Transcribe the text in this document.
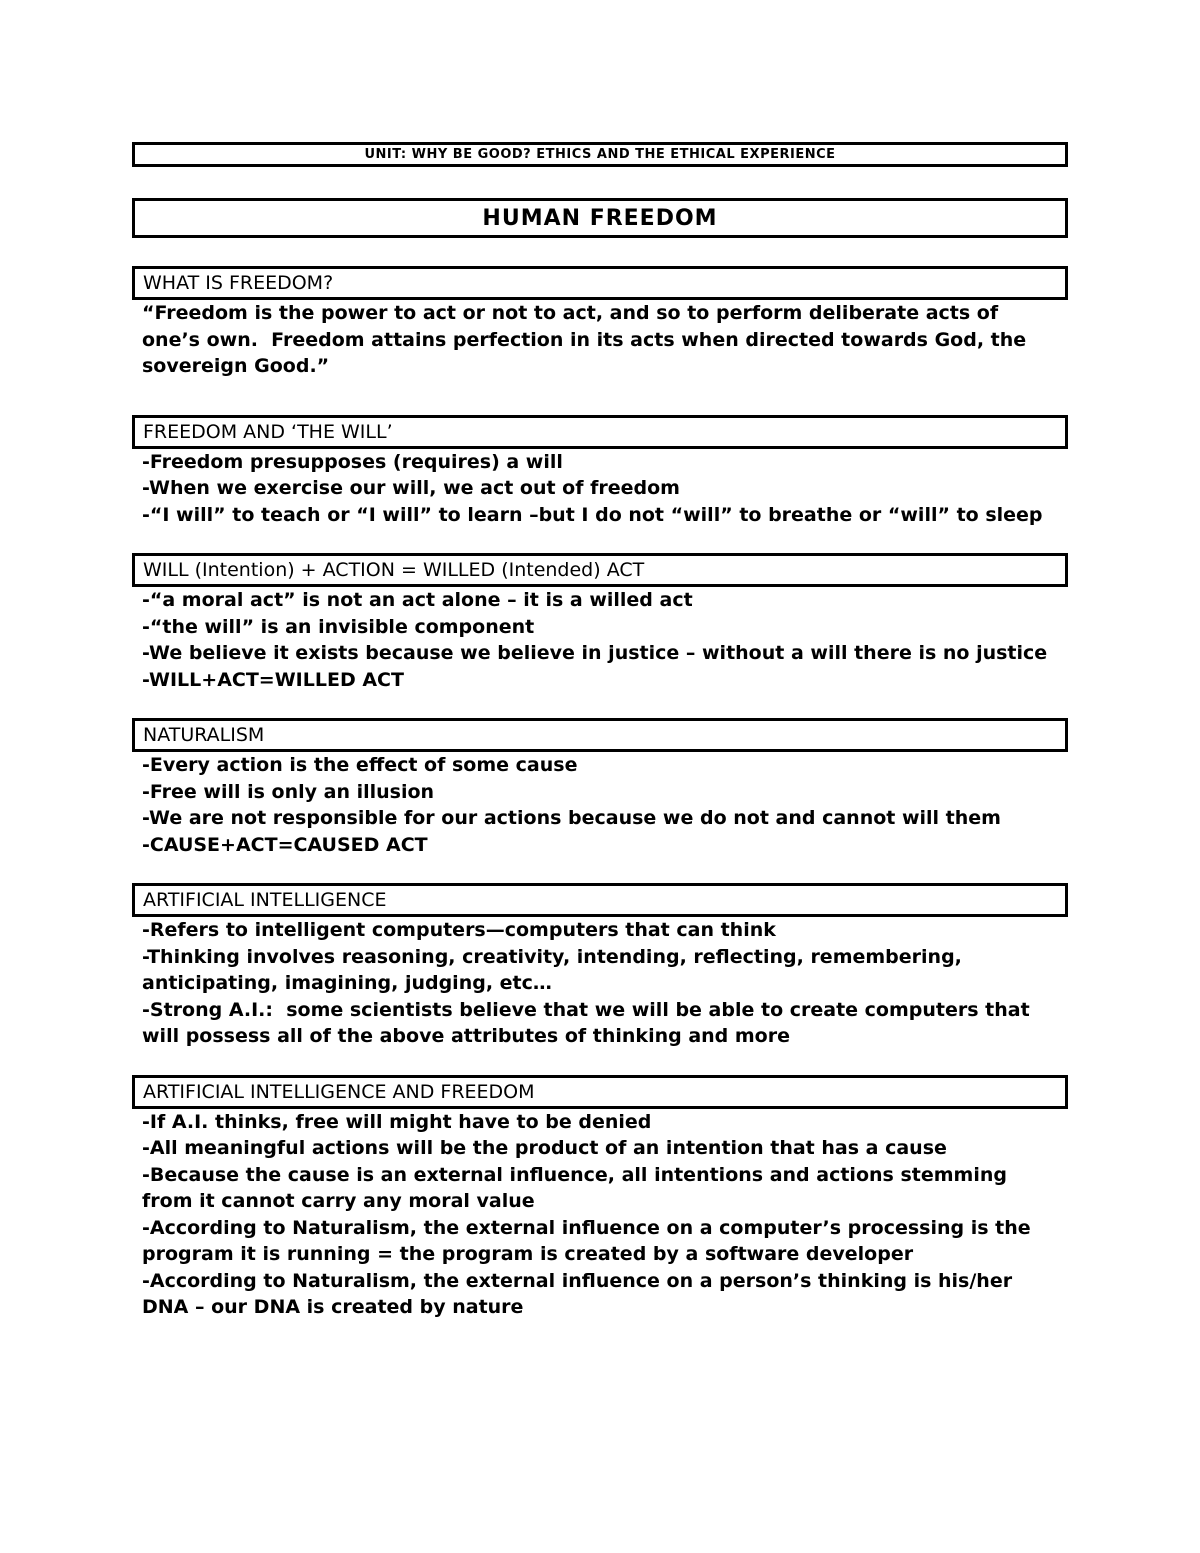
UNIT: WHY BE GOOD? ETHICS AND THE ETHICAL EXPERIENCE
HUMAN FREEDOM
WHAT IS FREEDOM?
“Freedom is the power to act or not to act, and so to perform deliberate acts of one’s own.  Freedom attains perfection in its acts when directed towards God, the sovereign Good.”
FREEDOM AND ‘THE WILL’
-Freedom presupposes (requires) a will
-When we exercise our will, we act out of freedom
-“I will” to teach or “I will” to learn –but I do not “will” to breathe or “will” to sleep
WILL (Intention) + ACTION = WILLED (Intended) ACT
-“a moral act” is not an act alone – it is a willed act
-“the will” is an invisible component
-We believe it exists because we believe in justice – without a will there is no justice
-WILL+ACT=WILLED ACT
NATURALISM
-Every action is the effect of some cause
-Free will is only an illusion
-We are not responsible for our actions because we do not and cannot will them
-CAUSE+ACT=CAUSED ACT
ARTIFICIAL INTELLIGENCE
-Refers to intelligent computers—computers that can think
-Thinking involves reasoning, creativity, intending, reflecting, remembering, anticipating, imagining, judging, etc…
-Strong A.I.:  some scientists believe that we will be able to create computers that will possess all of the above attributes of thinking and more
ARTIFICIAL INTELLIGENCE AND FREEDOM
-If A.I. thinks, free will might have to be denied
-All meaningful actions will be the product of an intention that has a cause
-Because the cause is an external influence, all intentions and actions stemming from it cannot carry any moral value
-According to Naturalism, the external influence on a computer’s processing is the program it is running = the program is created by a software developer
-According to Naturalism, the external influence on a person’s thinking is his/her DNA – our DNA is created by nature
